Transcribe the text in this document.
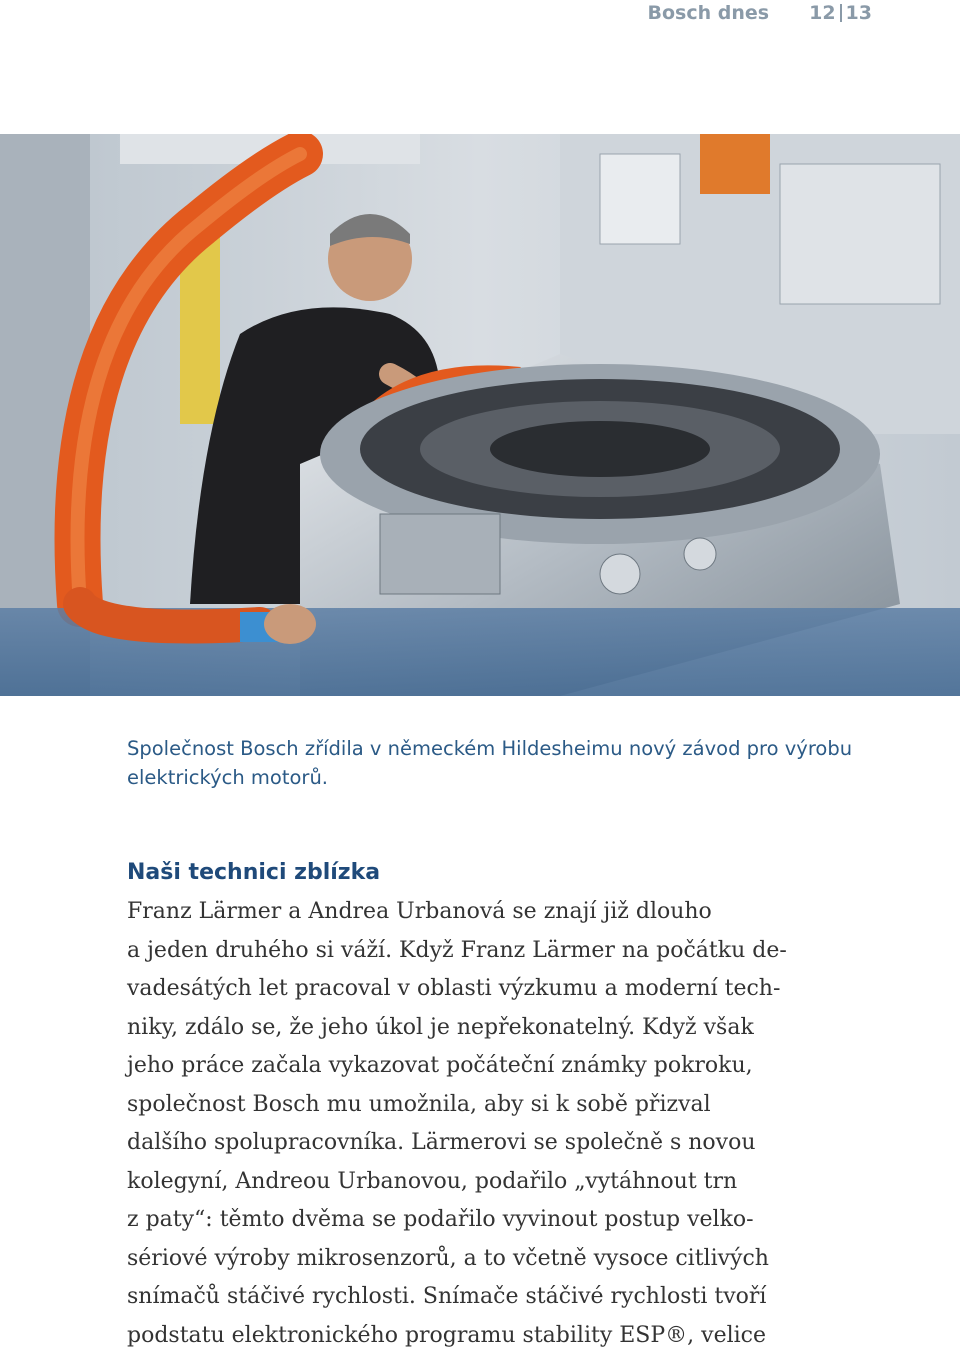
Bosch dnes 12 13
Společnost Bosch zřídila v německém Hildesheimu nový závod pro výrobu
elektrických motorů.
Naši technici zblízka
Franz Lärmer a Andrea Urbanová se znají již dlouho
a jeden druhého si váží. Když Franz Lärmer na počátku de-
vadesátých let pracoval v oblasti výzkumu a moderní tech-
niky, zdálo se, že jeho úkol je nepřekonatelný. Když však
jeho práce začala vykazovat počáteční známky pokroku,
společnost Bosch mu umožnila, aby si k sobě přizval
dalšího spolupracovníka. Lärmerovi se společně s novou
kolegyní, Andreou Urbanovou, podařilo „vytáhnout trn
z paty“: těmto dvěma se podařilo vyvinout postup velko-
sériové výroby mikrosenzorů, a to včetně vysoce citlivých
snímačů stáčivé rychlosti. Snímače stáčivé rychlosti tvoří
podstatu elektronického programu stability ESP®, velice
